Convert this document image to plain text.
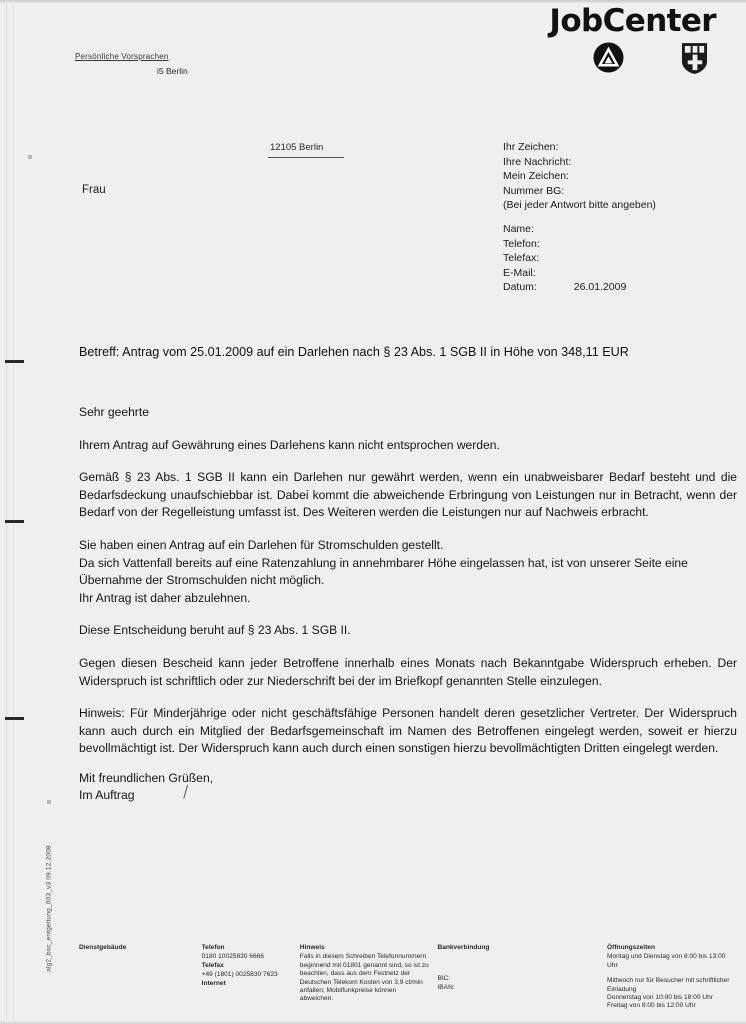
JobCenter
Persönliche Vorsprachen
i5 Berlin
12105 Berlin
Frau
Ihr Zeichen:
Ihre Nachricht:
Mein Zeichen:
Nummer BG:
(Bei jeder Antwort bitte angeben)
Name:
Telefon:
Telefax:
E-Mail:
Datum:	26.01.2009
Betreff: Antrag vom 25.01.2009 auf ein Darlehen nach § 23 Abs. 1 SGB II in Höhe von 348,11 EUR

Sehr geehrte

Ihrem Antrag auf Gewährung eines Darlehens kann nicht entsprochen werden.

Gemäß § 23 Abs. 1 SGB II kann ein Darlehen nur gewährt werden, wenn ein unabweisbarer Bedarf besteht und die Bedarfsdeckung unaufschiebbar ist. Dabei kommt die abweichende Erbringung von Leistungen nur in Betracht, wenn der Bedarf von der Regelleistung umfasst ist. Des Weiteren werden die Leistungen nur auf Nachweis erbracht.

Sie haben einen Antrag auf ein Darlehen für Stromschulden gestellt.
Da sich Vattenfall bereits auf eine Ratenzahlung in annehmbarer Höhe eingelassen hat, ist von unserer Seite eine Übernahme der Stromschulden nicht möglich.
Ihr Antrag ist daher abzulehnen.

Diese Entscheidung beruht auf § 23 Abs. 1 SGB II.

Gegen diesen Bescheid kann jeder Betroffene innerhalb eines Monats nach Bekanntgabe Widerspruch erheben. Der Widerspruch ist schriftlich oder zur Niederschrift bei der im Briefkopf genannten Stelle einzulegen.

Hinweis: Für Minderjährige oder nicht geschäftsfähige Personen handelt deren gesetzlicher Vertreter. Der Widerspruch kann auch durch ein Mitglied der Bedarfsgemeinschaft im Namen des Betroffenen eingelegt werden, soweit er hierzu bevollmächtigt ist. Der Widerspruch kann auch durch einen sonstigen hierzu bevollmächtigten Dritten eingelegt werden.

Mit freundlichen Grüßen,
Im Auftrag
alg2_bsc_entgeltung_003_v3 09.12.2008	Dienstgebäude	Telefon
0180 10025830 6666
Telefax
+49 (1801) 0025830 7623
Internet
Hinweis
Falls in diesem Schreiben Telefonnummern beginnend mit 01801 genannt sind, so ist zu beachten, dass aus dem Festnetz der Deutschen Telekom Kosten von 3,9 ct/min anfallen; Mobilfunkpreise können abweichen.
Bankverbindung
BIC:
IBAN:
Öffnungszeiten
Montag und Dienstag von 8:00 bis 13:00 Uhr
Mittwoch nur für Besucher mit schriftlicher Einladung
Donnerstag von 10:00 bis 18:00 Uhr
Freitag von 8:00 bis 12:00 Uhr
